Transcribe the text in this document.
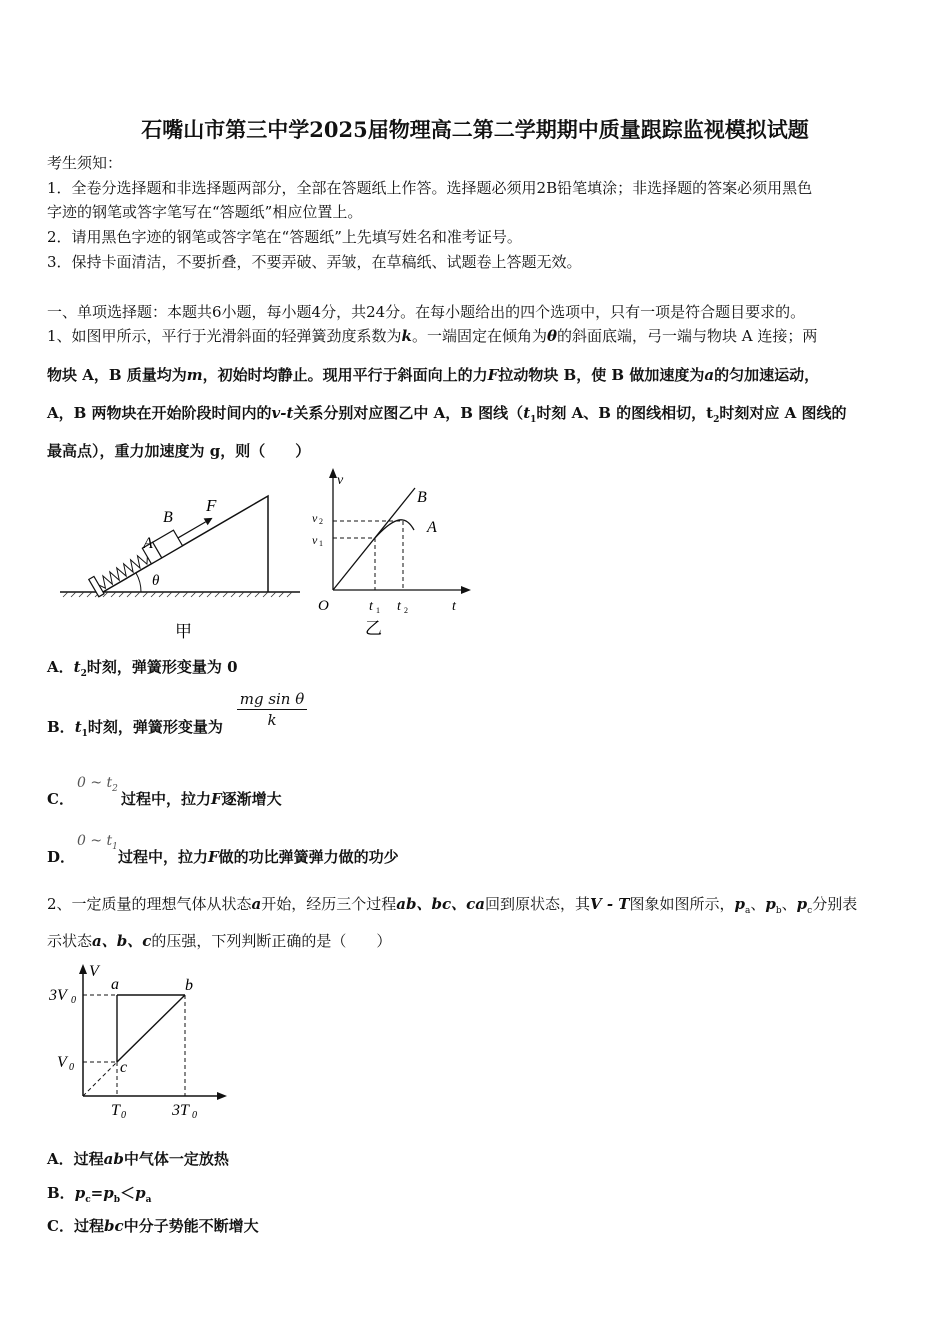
石嘴山市第三中学2025届物理高二第二学期期中质量跟踪监视模拟试题
考生须知：
1．全卷分选择题和非选择题两部分，全部在答题纸上作答。选择题必须用2B铅笔填涂；非选择题的答案必须用黑色
字迹的钢笔或答字笔写在“答题纸”相应位置上。
2．请用黑色字迹的钢笔或答字笔在“答题纸”上先填写姓名和准考证号。
3．保持卡面清洁，不要折叠，不要弄破、弄皱，在草稿纸、试题卷上答题无效。
一、单项选择题：本题共6小题，每小题4分，共24分。在每小题给出的四个选项中，只有一项是符合题目要求的。
1、如图甲所示，平行于光滑斜面的轻弹簧劲度系数为k。一端固定在倾角为θ的斜面底端，弓一端与物块 A 连接；两
物块 A，B 质量均为m，初始时均静止。现用平行于斜面向上的力F拉动物块 B，使 B 做加速度为a的匀加速运动，
A，B 两物块在开始阶段时间内的v-t关系分别对应图乙中 A，B 图线（$t_1$时刻 A、B 的图线相切，$t_2$时刻对应 A 图线的
最高点），重力加速度为 g，则（　　）
A
B
F
θ
甲
v
B
A
v 2
v 1
O	t 1 t 2	t
乙
A．$t_2$时刻，弹簧形变量为 0
B．$t_1$时刻，弹簧形变量为 $\frac{\text{mg sin θ}}{k}$
C．
0 ~ $t_2$
过程中，拉力F逐渐增大
D．
0 ~ $t_1$
过程中，拉力F做的功比弹簧弹力做的功少
2、一定质量的理想气体从状态a开始，经历三个过程ab、bc、ca回到原状态，其V - T图象如图所示，$p_a$、$p_b$、$p_c$分别表
示状态a、b、c的压强，下列判断正确的是（　　）
V
a	b
c
3V 0
V 0
T 0	3T 0
A．过程ab中气体一定放热
B．$p_c=p_b<p_a$
C．过程bc中分子势能不断增大
